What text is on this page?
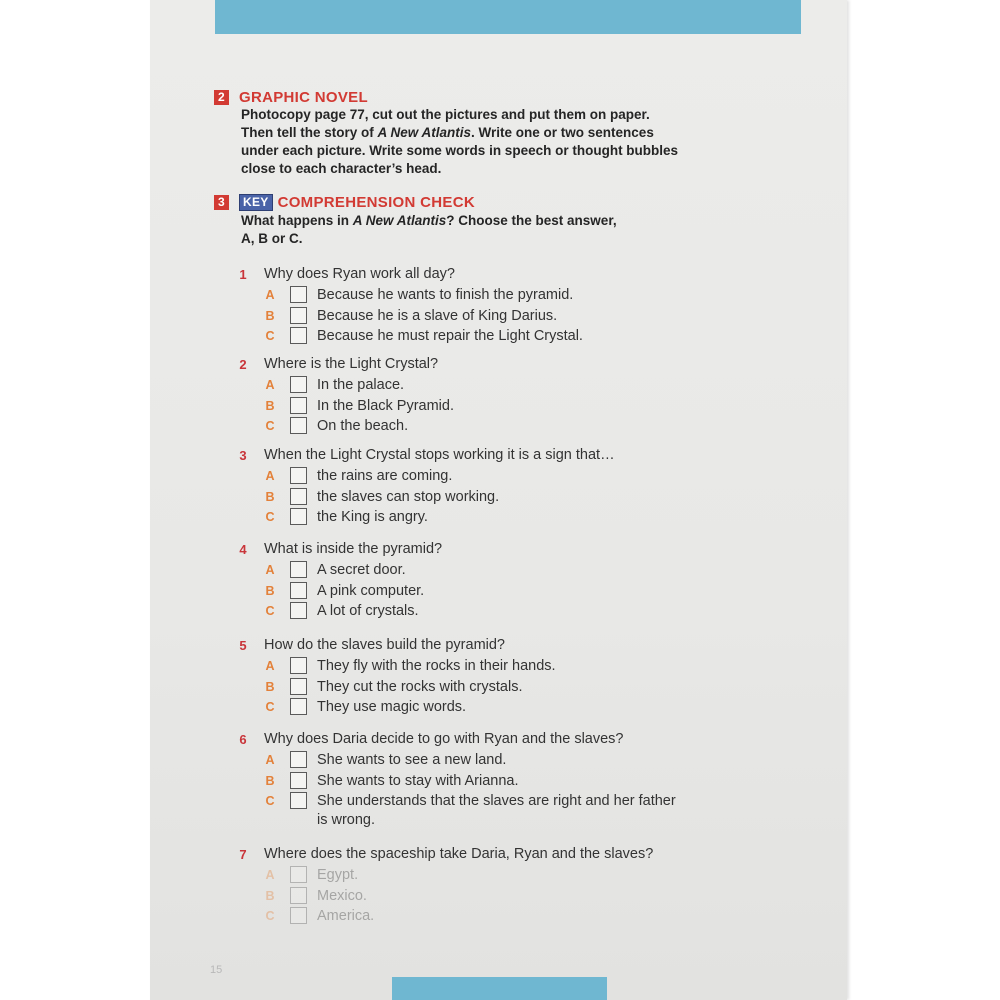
2 GRAPHIC NOVEL

Photocopy page 77, cut out the pictures and put them on paper.

Then tell the story of A New Atlantis. Write one or two sentences

under each picture. Write some words in speech or thought bubbles

close to each character’s head.

3	KEY COMPREHENSION CHECK

What happens in A New Atlantis? Choose the best answer,

A, B or C.

1 Why does Ryan work all day?
A	Because he wants to finish the pyramid.
B	Because he is a slave of King Darius.
C	Because he must repair the Light Crystal.
2 Where is the Light Crystal?
A	In the palace.
B	In the Black Pyramid.
C	On the beach.
3 When the Light Crystal stops working it is a sign that…
A	the rains are coming.
B	the slaves can stop working.
C	the King is angry.
4 What is inside the pyramid?
A	A secret door.
B	A pink computer.
C	A lot of crystals.
5 How do the slaves build the pyramid?
A	They fly with the rocks in their hands.
B	They cut the rocks with crystals.
C	They use magic words.
6 Why does Daria decide to go with Ryan and the slaves?
A	She wants to see a new land.
B	She wants to stay with Arianna.
C	She understands that the slaves are right and her father
is wrong.
7 Where does the spaceship take Daria, Ryan and the slaves?
A	Egypt.
B	Mexico.
C	America.
15
